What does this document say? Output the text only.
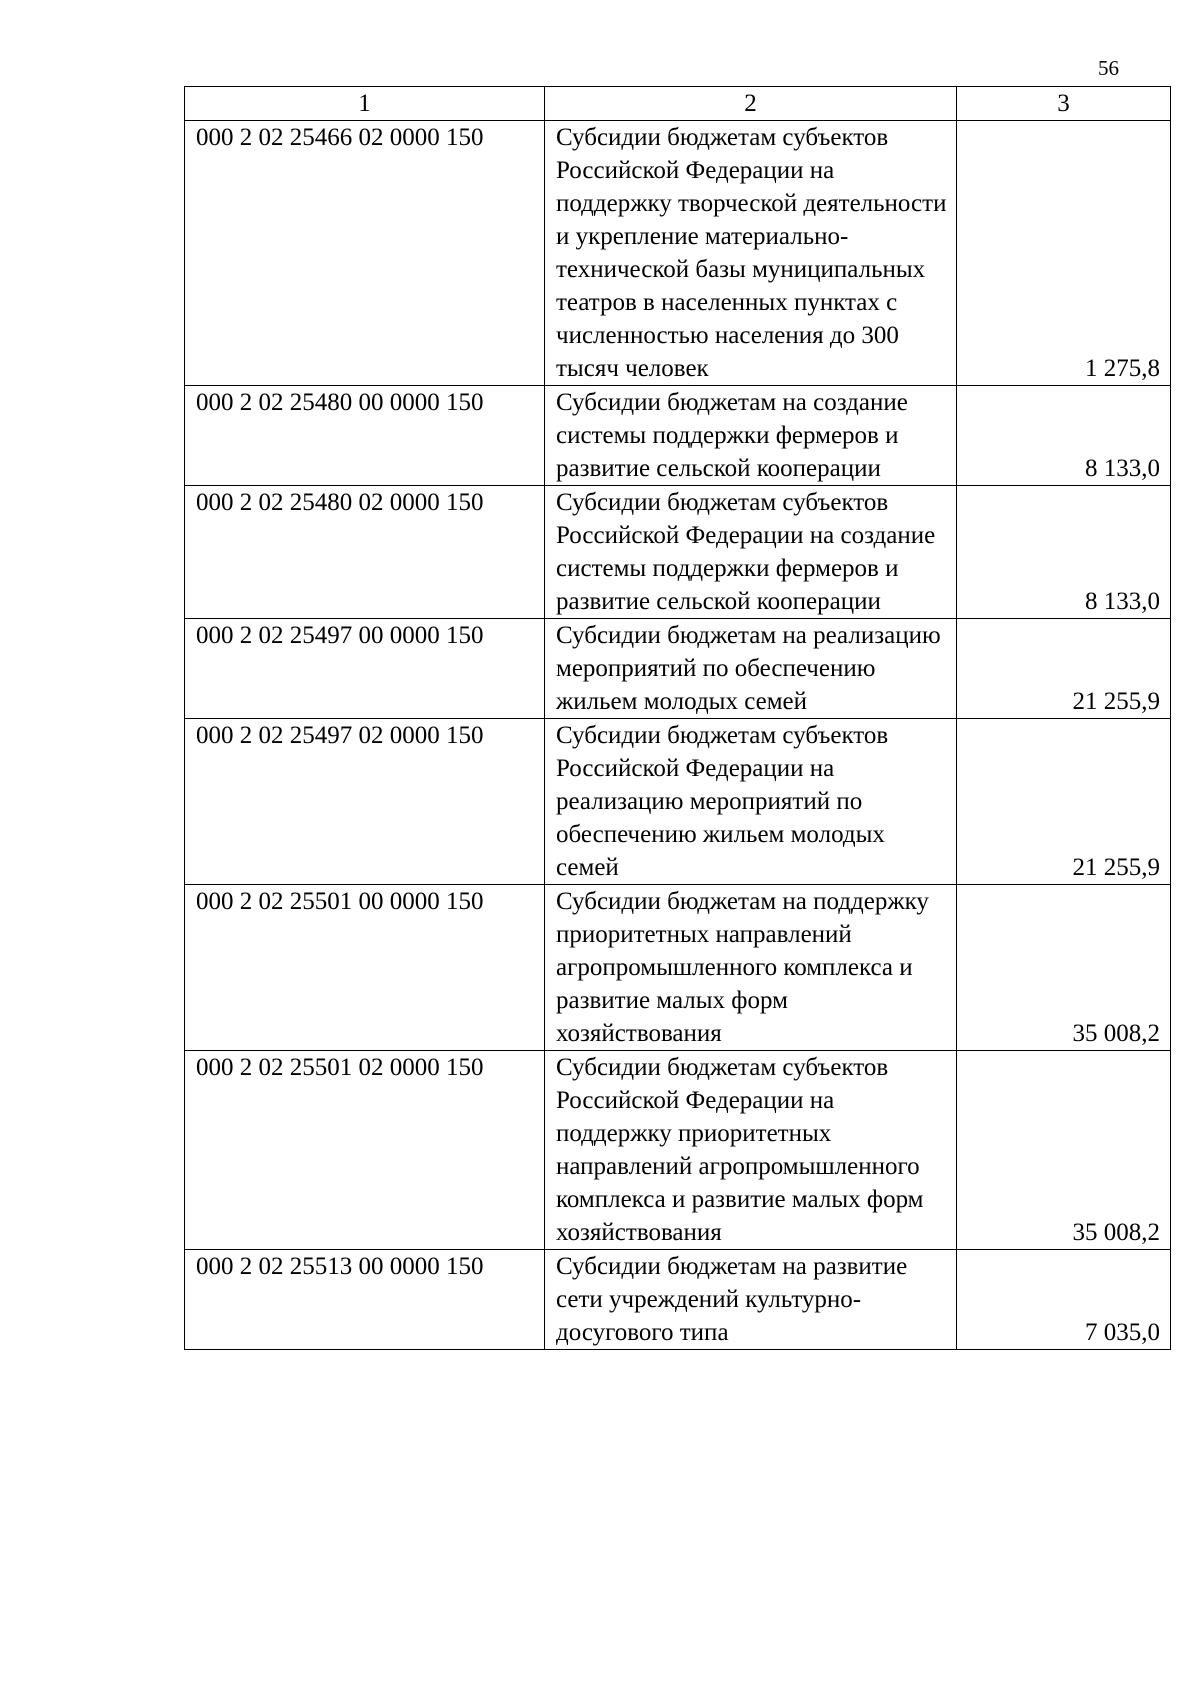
56
1	2	3
000 2 02 25466 02 0000 150	Субсидии бюджетам субъектов Российской Федерации на поддержку творческой деятельности и укрепление материально-технической базы муниципальных театров в населенных пунктах с численностью населения до 300 тысяч человек	1 275,8
000 2 02 25480 00 0000 150	Субсидии бюджетам на создание системы поддержки фермеров и развитие сельской кооперации	8 133,0
000 2 02 25480 02 0000 150	Субсидии бюджетам субъектов Российской Федерации на создание системы поддержки фермеров и развитие сельской кооперации	8 133,0
000 2 02 25497 00 0000 150	Субсидии бюджетам на реализацию мероприятий по обеспечению жильем молодых семей	21 255,9
000 2 02 25497 02 0000 150	Субсидии бюджетам субъектов Российской Федерации на реализацию мероприятий по обеспечению жильем молодых семей	21 255,9
000 2 02 25501 00 0000 150	Субсидии бюджетам на поддержку приоритетных направлений агропромышленного комплекса и развитие малых форм хозяйствования	35 008,2
000 2 02 25501 02 0000 150	Субсидии бюджетам субъектов Российской Федерации на поддержку приоритетных направлений агропромышленного комплекса и развитие малых форм хозяйствования	35 008,2
000 2 02 25513 00 0000 150	Субсидии бюджетам на развитие сети учреждений культурно-досугового типа	7 035,0
